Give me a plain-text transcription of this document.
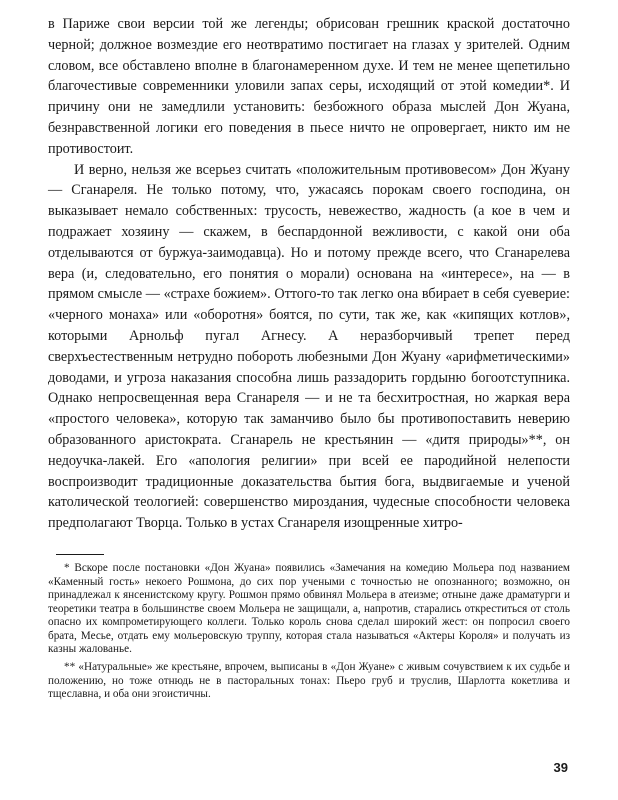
в Париже свои версии той же легенды; обрисован грешник краской достаточно черной; должное возмездие его неотвратимо постигает на глазах у зрителей. Одним словом, все обставлено вполне в благонамеренном духе. И тем не менее щепетильно благочестивые современники уловили запах серы, исходящий от этой комедии*. И причину они не замедлили установить: безбожного образа мыслей Дон Жуана, безнравственной логики его поведения в пьесе ничто не опровергает, никто им не противостоит.

И верно, нельзя же всерьез считать «положительным противовесом» Дон Жуану — Сганареля. Не только потому, что, ужасаясь порокам своего господина, он выказывает немало собственных: трусость, невежество, жадность (а кое в чем и подражает хозяину — скажем, в беспардонной вежливости, с какой они оба отделываются от буржуа-заимодавца). Но и потому прежде всего, что Сганарелева вера (и, следовательно, его понятия о морали) основана на «интересе», на — в прямом смысле — «страхе божием». Оттого-то так легко она вбирает в себя суеверие: «черного монаха» или «оборотня» боятся, по сути, так же, как «кипящих котлов», которыми Арнольф пугал Агнесу. А неразборчивый трепет перед сверхъестественным нетрудно побороть любезными Дон Жуану «арифметическими» доводами, и угроза наказания способна лишь раззадорить гордыню богоотступника. Однако непросвещенная вера Сганареля — и не та бесхитростная, но жаркая вера «простого человека», которую так заманчиво было бы противопоставить неверию образованного аристократа. Сганарель не крестьянин — «дитя природы»**, он недоучка-лакей. Его «апология религии» при всей ее пародийной нелепости воспроизводит традиционные доказательства бытия бога, выдвигаемые и ученой католической теологией: совершенство мироздания, чудесные способности человека предполагают Творца. Только в устах Сганареля изощренные хитро-

* Вскоре после постановки «Дон Жуана» появились «Замечания на комедию Мольера под названием «Каменный гость» некоего Рошмона, до сих пор учеными с точностью не опознанного; возможно, он принадлежал к янсенистскому кругу. Рошмон прямо обвинял Мольера в атеизме; отныне даже драматурги и теоретики театра в большинстве своем Мольера не защищали, а, напротив, старались откреститься от столь опасно их компрометирующего коллеги. Только король снова сделал широкий жест: он попросил своего брата, Месье, отдать ему мольеровскую труппу, которая стала называться «Актеры Короля» и получать из казны жалованье.

** «Натуральные» же крестьяне, впрочем, выписаны в «Дон Жуане» с живым сочувствием к их судьбе и положению, но тоже отнюдь не в пасторальных тонах: Пьеро груб и труслив, Шарлотта кокетлива и тщеславна, и оба они эгоистичны.

39
